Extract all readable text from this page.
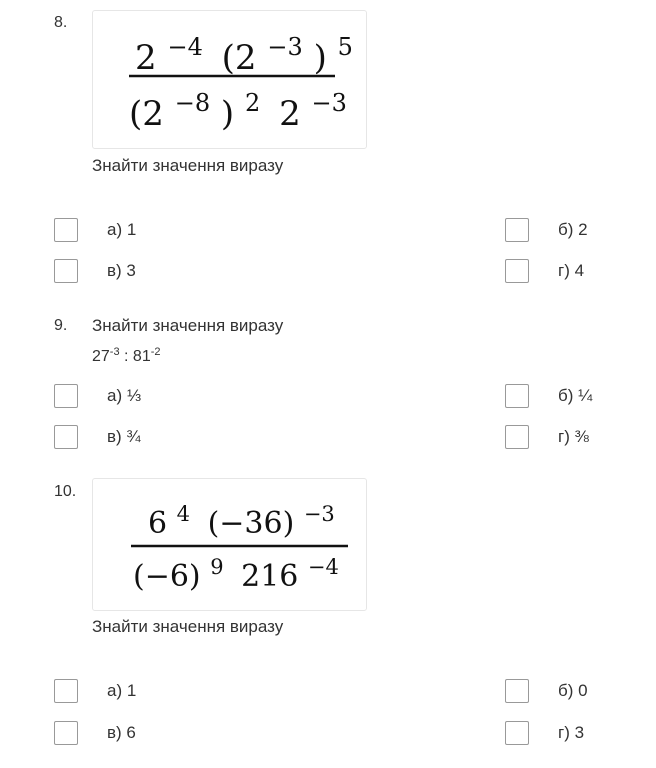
8.
2 $^{-4}$ (2 $^{-3}$ ) $^5$
(2 $^{-8}$ ) $^2$ 2 $^{-3}$
Знайти значення виразу
а) 1	б) 2
в) 3	г) 4
9. Знайти значення виразу
$27^{-3}$ : $81^{-2}$
а) ⅓	б) ¼
в) ¾	г) ⅜
10.
6 $^4$ (−36) $^{-3}$
(−6) $^9$ 216 $^{-4}$
Знайти значення виразу
а) 1	б) 0
в) 6	г) 3
